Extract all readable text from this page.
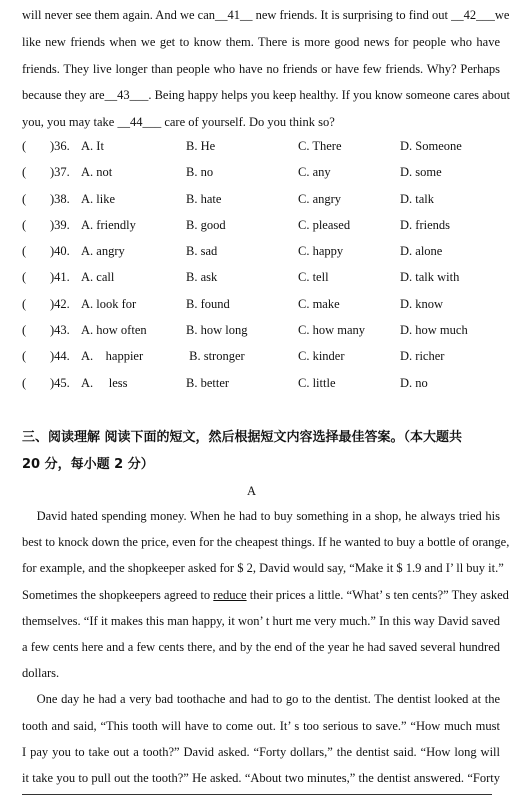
will never see them again. And we can__41__ new friends. It is surprising to find out __42___we
like new friends when we get to know them. There is more good news for people who have
friends. They live longer than people who have no friends or have few friends. Why? Perhaps
because they are__43___. Being happy helps you keep healthy. If you know someone cares about
you, you may take __44___ care of yourself. Do you think so?
( )36. A. It	B. He	C. There	D. Someone
( )37. A. not	B. no	C. any	D. some
( )38. A. like	B. hate	C. angry	D. talk
( )39. A. friendly	B. good	C. pleased	D. friends
( )40. A. angry	B. sad	C. happy	D. alone
( )41. A. call	B. ask	C. tell	D. talk with
( )42. A. look for	B. found	C. make	D. know
( )43. A. how often	B. how long	C. how many	D. how much
( )44. A.    happier	B. stronger	C. kinder	D. richer
( )45. A.     less	B. better	C. little	D. no
三、阅读理解 阅读下面的短文，然后根据短文内容选择最佳答案。（本大题共
20 分，每小题 2 分）
A
David hated spending money. When he had to buy something in a shop, he always tried his
best to knock down the price, even for the cheapest things. If he wanted to buy a bottle of orange,
for example, and the shopkeeper asked for $ 2, David would say, “Make it $ 1.9 and I’ ll buy it.”
Sometimes the shopkeepers agreed to reduce their prices a little. “What’ s ten cents?” They asked
themselves. “If it makes this man happy, it won’ t hurt me very much.” In this way David saved
a few cents here and a few cents there, and by the end of the year he had saved several hundred
dollars.
One day he had a very bad toothache and had to go to the dentist. The dentist looked at the
tooth and said, “This tooth will have to come out. It’ s too serious to save.” “How much must
I pay you to take out a tooth?” David asked. “Forty dollars,” the dentist said. “How long will
it take you to pull out the tooth?” He asked. “About two minutes,” the dentist answered. “Forty
